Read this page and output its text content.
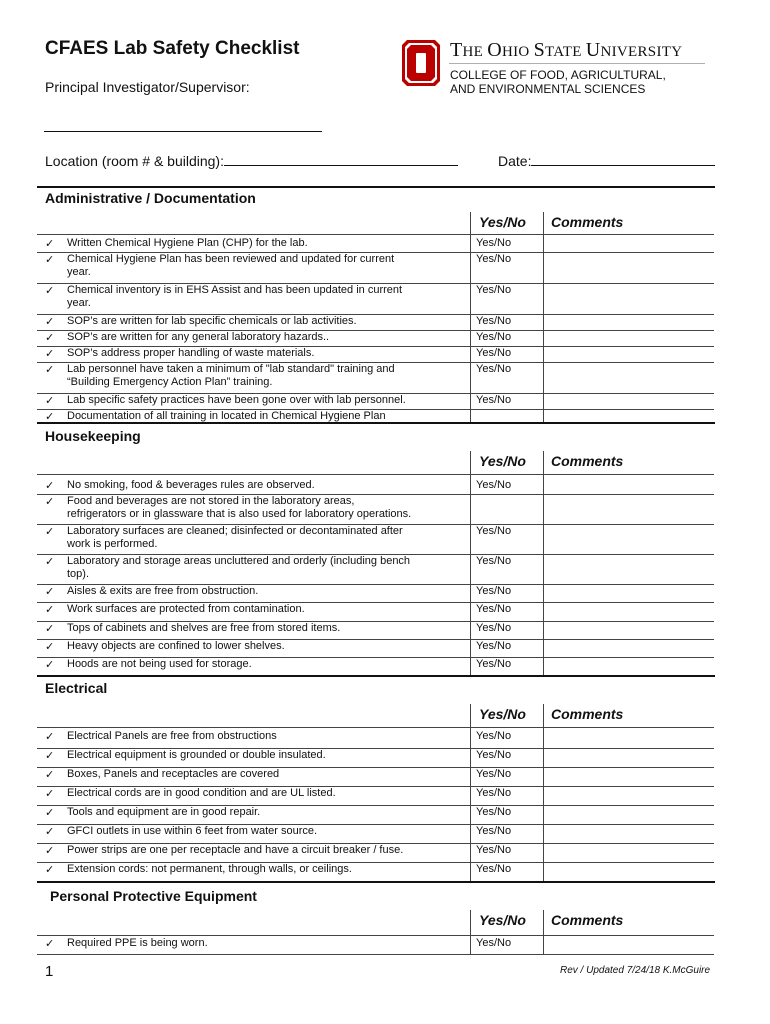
CFAES Lab Safety Checklist
Principal Investigator/Supervisor:
Location (room # & building):	Date:
THE OHIO STATE UNIVERSITY
COLLEGE OF FOOD, AGRICULTURAL,
AND ENVIRONMENTAL SCIENCES
Administrative / Documentation
Yes/No Comments
✓ Written Chemical Hygiene Plan (CHP) for the lab.	Yes/No
✓ Chemical Hygiene Plan has been reviewed and updated for current
year.
Yes/No
✓ Chemical inventory is in EHS Assist and has been updated in current
year.
Yes/No
✓ SOP’s are written for lab specific chemicals or lab activities.	Yes/No
✓ SOP’s are written for any general laboratory hazards..	Yes/No
✓ SOP’s address proper handling of waste materials.	Yes/No
✓ Lab personnel have taken a minimum of "lab standard" training and
“Building Emergency Action Plan” training.
Yes/No
✓ Lab specific safety practices have been gone over with lab personnel.	Yes/No
✓ Documentation of all training in located in Chemical Hygiene Plan
Housekeeping
Yes/No Comments
✓ No smoking, food & beverages rules are observed.	Yes/No
✓ Food and beverages are not stored in the laboratory areas,
refrigerators or in glassware that is also used for laboratory operations.
✓ Laboratory surfaces are cleaned; disinfected or decontaminated after
work is performed.
Yes/No
✓ Laboratory and storage areas uncluttered and orderly (including bench
top).
Yes/No
✓ Aisles & exits are free from obstruction.	Yes/No
✓ Work surfaces are protected from contamination.	Yes/No
✓ Tops of cabinets and shelves are free from stored items.	Yes/No
✓ Heavy objects are confined to lower shelves.	Yes/No
✓ Hoods are not being used for storage.	Yes/No
Electrical
Yes/No Comments
✓ Electrical Panels are free from obstructions	Yes/No
✓ Electrical equipment is grounded or double insulated.	Yes/No
✓ Boxes, Panels and receptacles are covered	Yes/No
✓ Electrical cords are in good condition and are UL listed.	Yes/No
✓ Tools and equipment are in good repair.	Yes/No
✓ GFCI outlets in use within 6 feet from water source.	Yes/No
✓ Power strips are one per receptacle and have a circuit breaker / fuse.	Yes/No
✓ Extension cords: not permanent, through walls, or ceilings.	Yes/No
Personal Protective Equipment
Yes/No Comments
✓ Required PPE is being worn.	Yes/No
1	Rev / Updated 7/24/18 K.McGuire
